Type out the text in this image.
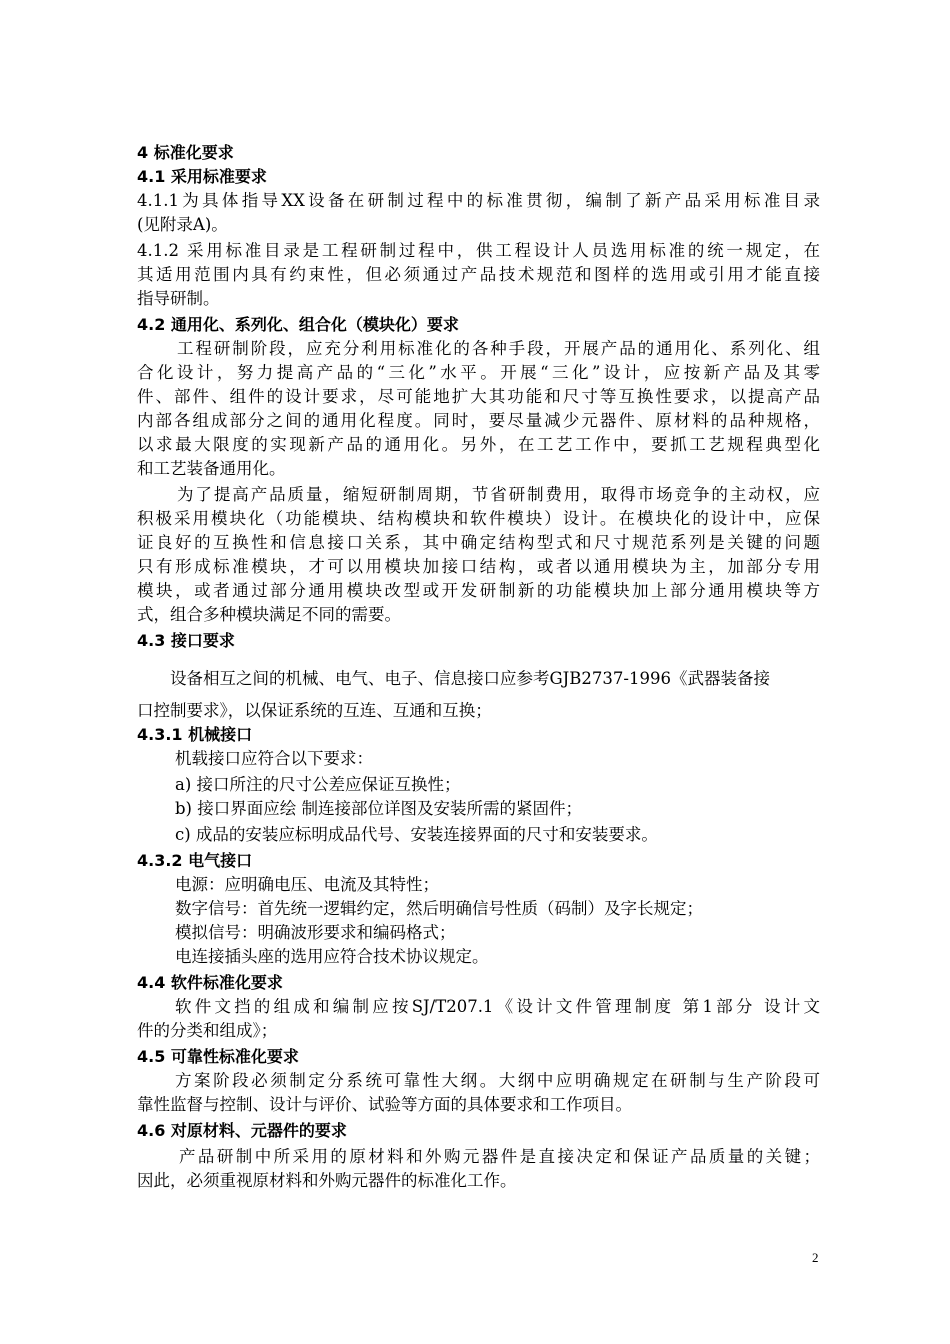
4 标准化要求
4.1 采用标准要求
4.1.1为具体指导XX设备在研制过程中的标准贯彻，编制了新产品采用标准目录
(见附录A)。
4.1.2 采用标准目录是工程研制过程中，供工程设计人员选用标准的统一规定，在
其适用范围内具有约束性，但必须通过产品技术规范和图样的选用或引用才能直接
指导研制。
4.2 通用化、系列化、组合化（模块化）要求
工程研制阶段，应充分利用标准化的各种手段，开展产品的通用化、系列化、组
合化设计，努力提高产品的“三化”水平。开展“三化”设计，应按新产品及其零
件、部件、组件的设计要求，尽可能地扩大其功能和尺寸等互换性要求，以提高产品
内部各组成部分之间的通用化程度。同时，要尽量减少元器件、原材料的品种规格，
以求最大限度的实现新产品的通用化。另外，在工艺工作中，要抓工艺规程典型化
和工艺装备通用化。
为了提高产品质量，缩短研制周期，节省研制费用，取得市场竞争的主动权，应
积极采用模块化（功能模块、结构模块和软件模块）设计。在模块化的设计中，应保
证良好的互换性和信息接口关系，其中确定结构型式和尺寸规范系列是关键的问题
只有形成标准模块，才可以用模块加接口结构，或者以通用模块为主，加部分专用
模块，或者通过部分通用模块改型或开发研制新的功能模块加上部分通用模块等方
式，组合多种模块满足不同的需要。
4.3 接口要求
设备相互之间的机械、电气、电子、信息接口应参考GJB2737-1996《武器装备接
口控制要求》，以保证系统的互连、互通和互换；
4.3.1 机械接口
机载接口应符合以下要求：
a) 接口所注的尺寸公差应保证互换性；
b) 接口界面应绘 制连接部位详图及安装所需的紧固件；
c) 成品的安装应标明成品代号、安装连接界面的尺寸和安装要求。
4.3.2 电气接口
电源：应明确电压、电流及其特性；
数字信号：首先统一逻辑约定，然后明确信号性质（码制）及字长规定；
模拟信号：明确波形要求和编码格式；
电连接插头座的选用应符合技术协议规定。
4.4 软件标准化要求
软件文挡的组成和编制应按SJ/T207.1《设计文件管理制度 第1部分 设计文
件的分类和组成》；
4.5 可靠性标准化要求
方案阶段必须制定分系统可靠性大纲。大纲中应明确规定在研制与生产阶段可
靠性监督与控制、设计与评价、试验等方面的具体要求和工作项目。
4.6 对原材料、元器件的要求
产品研制中所采用的原材料和外购元器件是直接决定和保证产品质量的关键；
因此，必须重视原材料和外购元器件的标准化工作。
2
